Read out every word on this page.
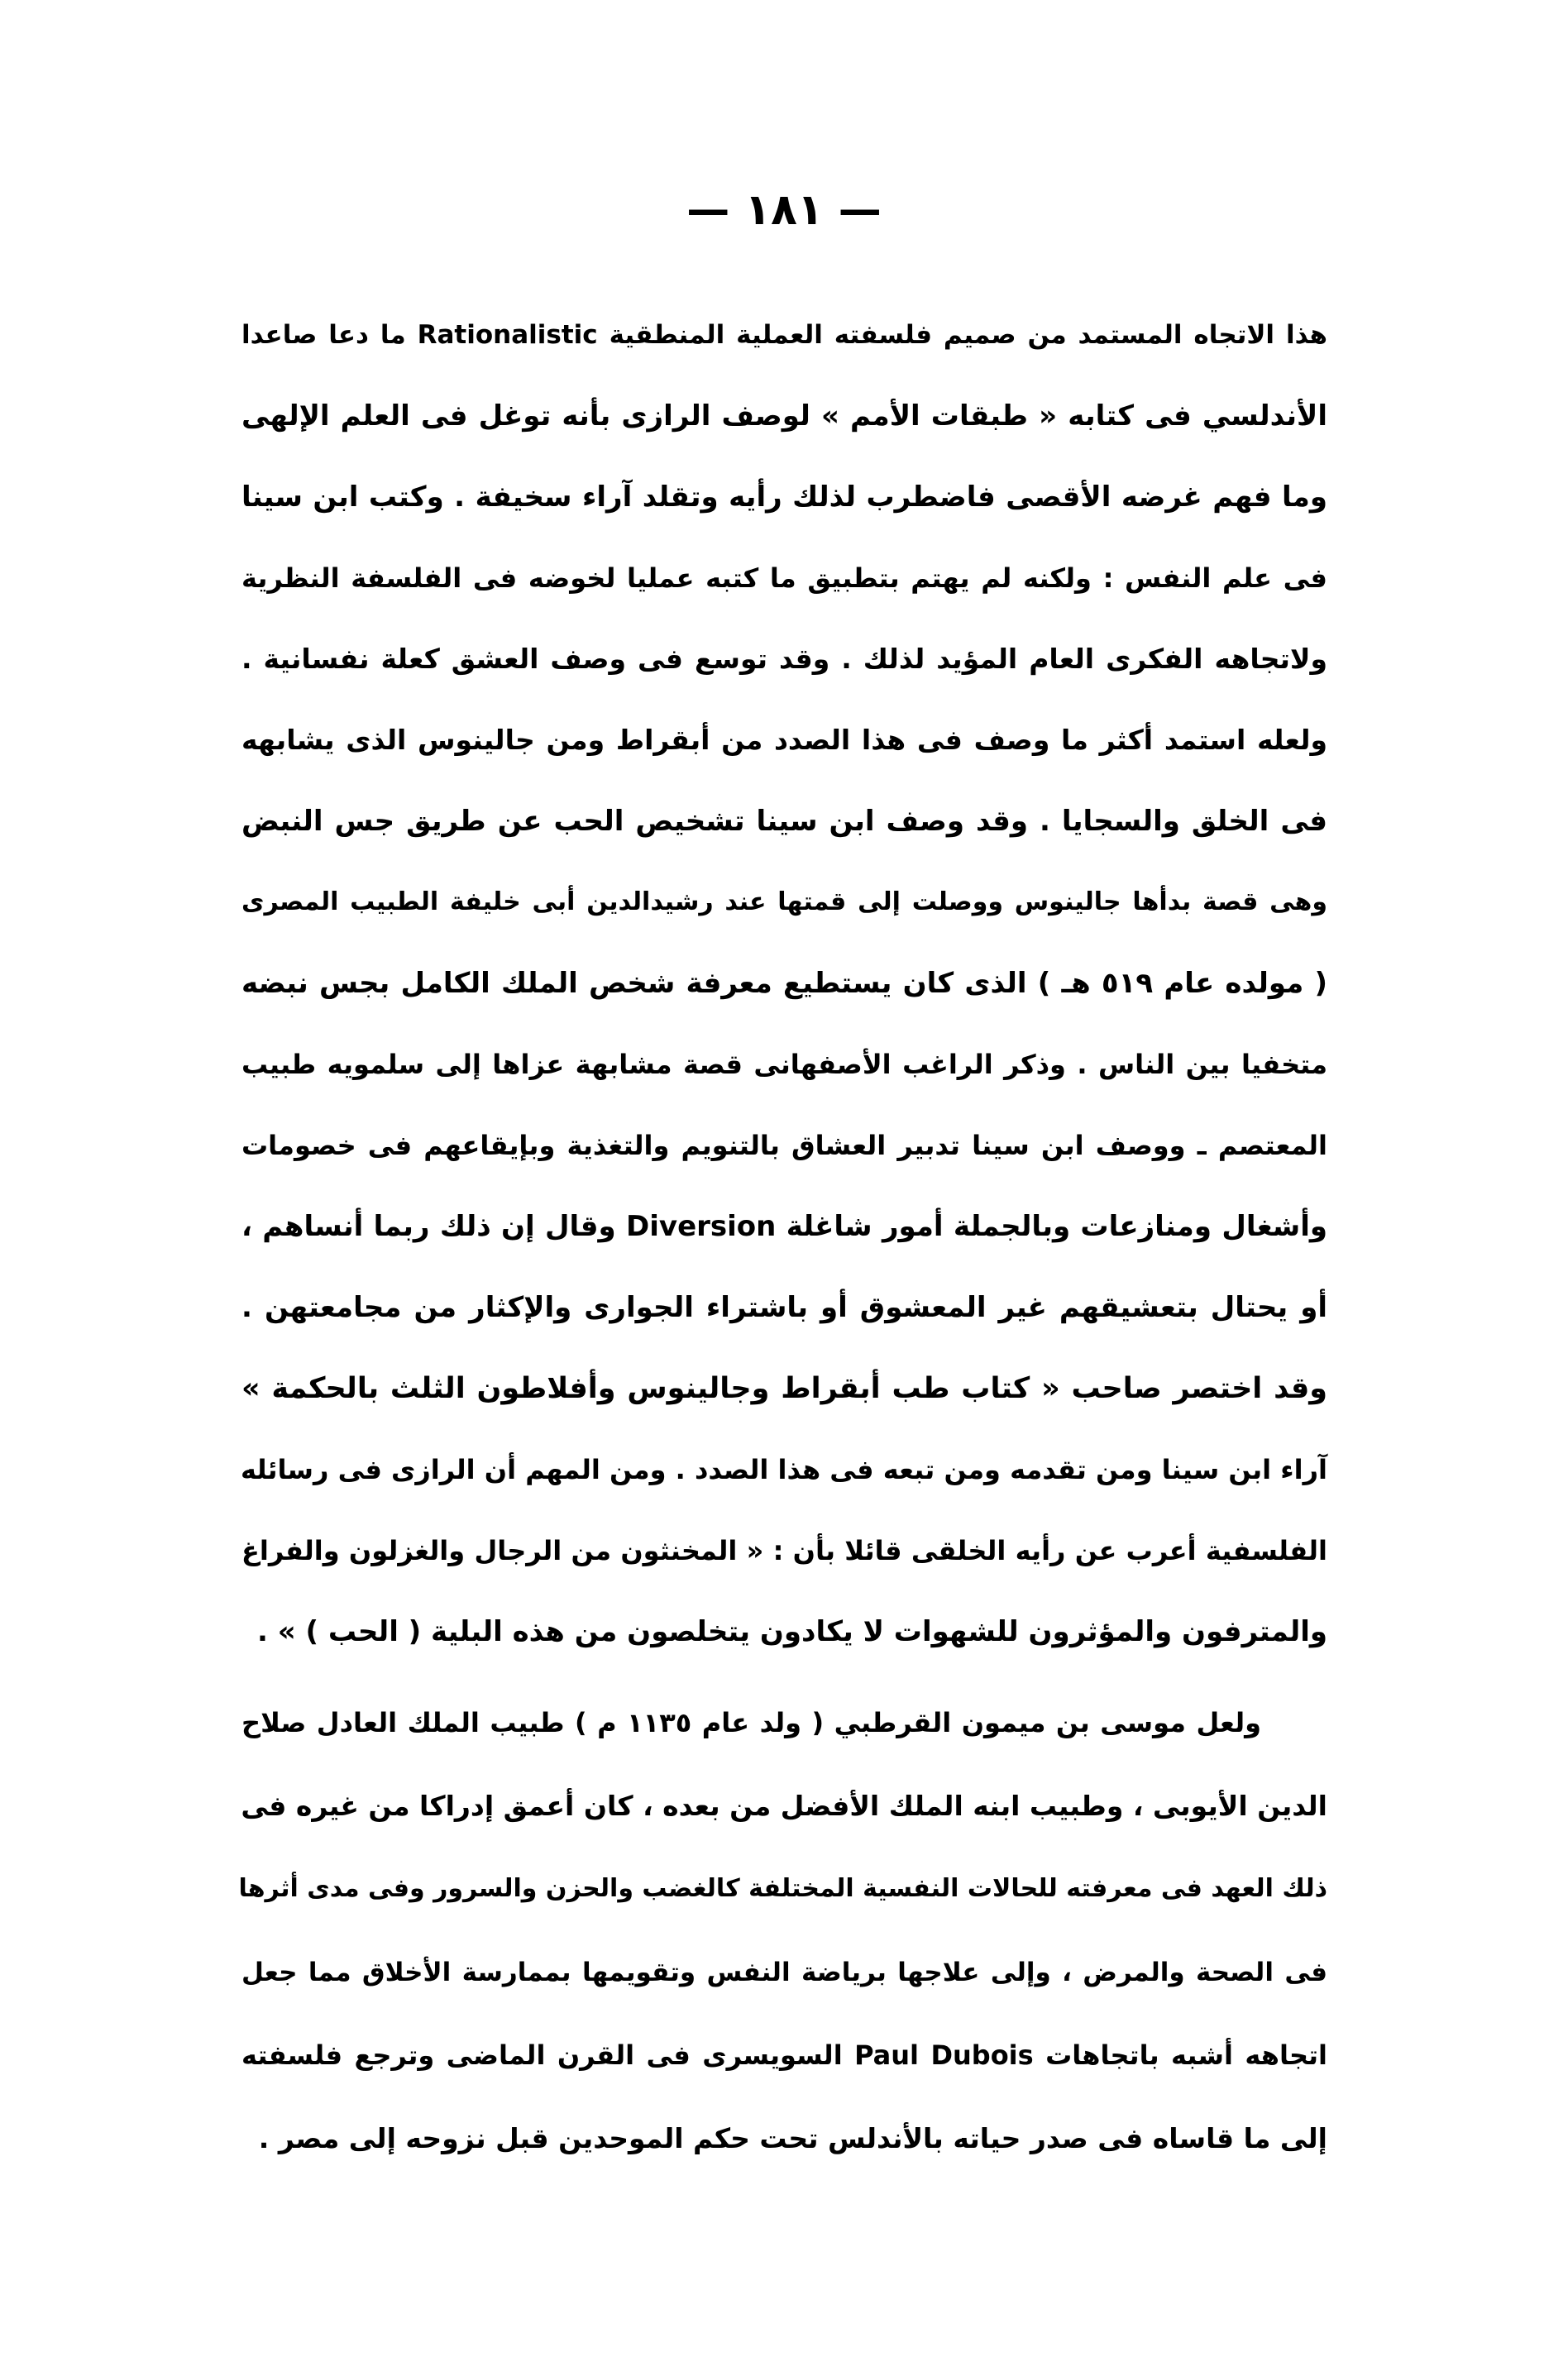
— ١٨١ —
هذا الاتجاه المستمد من صميم فلسفته العملية المنطقية Rationalistic ما دعا صاعدا
الأندلسي فى كتابه « طبقات الأمم » لوصف الرازى بأنه توغل فى العلم الإلهى
وما فهم غرضه الأقصى فاضطرب لذلك رأيه وتقلد آراء سخيفة . وكتب ابن سينا
فى علم النفس : ولكنه لم يهتم بتطبيق ما كتبه عمليا لخوضه فى الفلسفة النظرية
ولاتجاهه الفكرى العام المؤيد لذلك . وقد توسع فى وصف العشق كعلة نفسانية .
ولعله استمد أكثر ما وصف فى هذا الصدد من أبقراط ومن جالينوس الذى يشابهه
فى الخلق والسجايا . وقد وصف ابن سينا تشخيص الحب عن طريق جس النبض
وهى قصة بدأها جالينوس ووصلت إلى قمتها عند رشيدالدين أبى خليفة الطبيب المصرى
( مولده عام ٥١٩ هـ ) الذى كان يستطيع معرفة شخص الملك الكامل بجس نبضه
متخفيا بين الناس . وذكر الراغب الأصفهانى قصة مشابهة عزاها إلى سلمويه طبيب
المعتصم ـ ووصف ابن سينا تدبير العشاق بالتنويم والتغذية وبإيقاعهم فى خصومات
وأشغال ومنازعات وبالجملة أمور شاغلة Diversion وقال إن ذلك ربما أنساهم ،
أو يحتال بتعشيقهم غير المعشوق أو باشتراء الجوارى والإكثار من مجامعتهن .
وقد اختصر صاحب « كتاب طب أبقراط وجالينوس وأفلاطون الثلث بالحكمة »
آراء ابن سينا ومن تقدمه ومن تبعه فى هذا الصدد . ومن المهم أن الرازى فى رسائله
الفلسفية أعرب عن رأيه الخلقى قائلا بأن : « المخنثون من الرجال والغزلون والفراغ
والمترفون والمؤثرون للشهوات لا يكادون يتخلصون من هذه البلية ( الحب ) » .
ولعل موسى بن ميمون القرطبي ( ولد عام ١١٣٥ م ) طبيب الملك العادل صلاح
الدين الأيوبى ، وطبيب ابنه الملك الأفضل من بعده ، كان أعمق إدراكا من غيره فى
ذلك العهد فى معرفته للحالات النفسية المختلفة كالغضب والحزن والسرور وفى مدى أثرها
فى الصحة والمرض ، وإلى علاجها برياضة النفس وتقويمها بممارسة الأخلاق مما جعل
اتجاهه أشبه باتجاهات Paul Dubois السويسرى فى القرن الماضى وترجع فلسفته
إلى ما قاساه فى صدر حياته بالأندلس تحت حكم الموحدين قبل نزوحه إلى مصر .
